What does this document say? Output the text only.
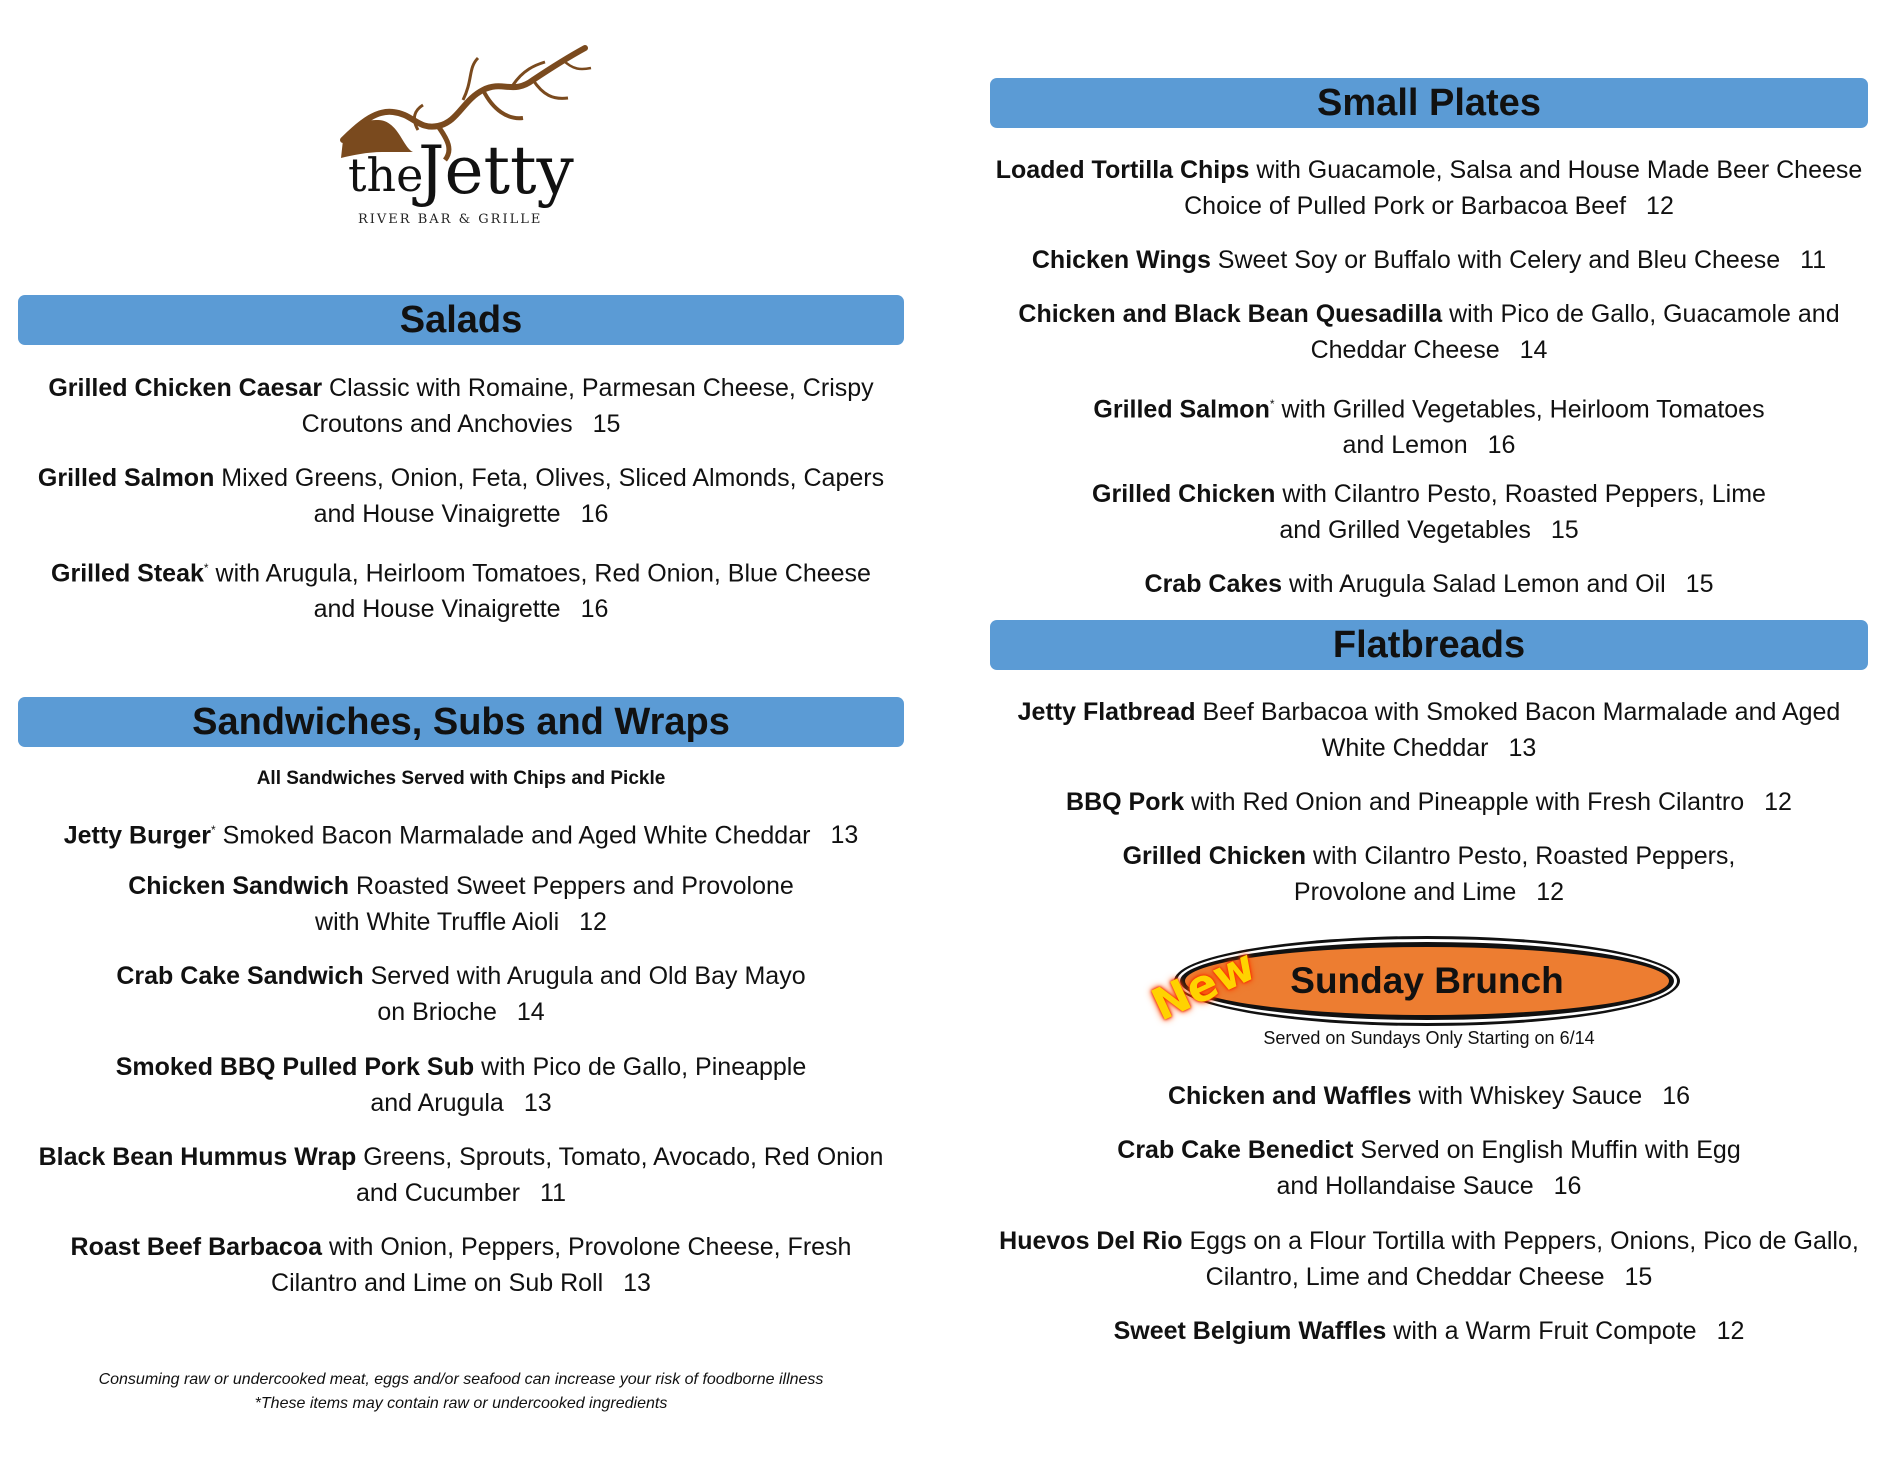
the
Jetty
RIVER BAR & GRILLE
Salads
Grilled Chicken Caesar Classic with Romaine, Parmesan Cheese, Crispy
Croutons and Anchovies 15
Grilled Salmon Mixed Greens, Onion, Feta, Olives, Sliced Almonds, Capers
and House Vinaigrette 16
Grilled Steak* with Arugula, Heirloom Tomatoes, Red Onion, Blue Cheese
and House Vinaigrette 16
Sandwiches, Subs and Wraps
All Sandwiches Served with Chips and Pickle
Jetty Burger* Smoked Bacon Marmalade and Aged White Cheddar 13
Chicken Sandwich Roasted Sweet Peppers and Provolone
with White Truffle Aioli 12
Crab Cake Sandwich Served with Arugula and Old Bay Mayo
on Brioche 14
Smoked BBQ Pulled Pork Sub with Pico de Gallo, Pineapple
and Arugula 13
Black Bean Hummus Wrap Greens, Sprouts, Tomato, Avocado, Red Onion
and Cucumber 11
Roast Beef Barbacoa with Onion, Peppers, Provolone Cheese, Fresh
Cilantro and Lime on Sub Roll 13
Consuming raw or undercooked meat, eggs and/or seafood can increase your risk of foodborne illness
*These items may contain raw or undercooked ingredients
Small Plates
Loaded Tortilla Chips with Guacamole, Salsa and House Made Beer Cheese
Choice of Pulled Pork or Barbacoa Beef 12
Chicken Wings Sweet Soy or Buffalo with Celery and Bleu Cheese 11
Chicken and Black Bean Quesadilla with Pico de Gallo, Guacamole and
Cheddar Cheese 14
Grilled Salmon* with Grilled Vegetables, Heirloom Tomatoes
and Lemon 16
Grilled Chicken with Cilantro Pesto, Roasted Peppers, Lime
and Grilled Vegetables 15
Crab Cakes with Arugula Salad Lemon and Oil 15
Flatbreads
Jetty Flatbread Beef Barbacoa with Smoked Bacon Marmalade and Aged
White Cheddar 13
BBQ Pork with Red Onion and Pineapple with Fresh Cilantro 12
Grilled Chicken with Cilantro Pesto, Roasted Peppers,
Provolone and Lime 12
Sunday Brunch
New
Served on Sundays Only Starting on 6/14
Chicken and Waffles with Whiskey Sauce 16
Crab Cake Benedict Served on English Muffin with Egg
and Hollandaise Sauce 16
Huevos Del Rio Eggs on a Flour Tortilla with Peppers, Onions, Pico de Gallo,
Cilantro, Lime and Cheddar Cheese 15
Sweet Belgium Waffles with a Warm Fruit Compote 12
